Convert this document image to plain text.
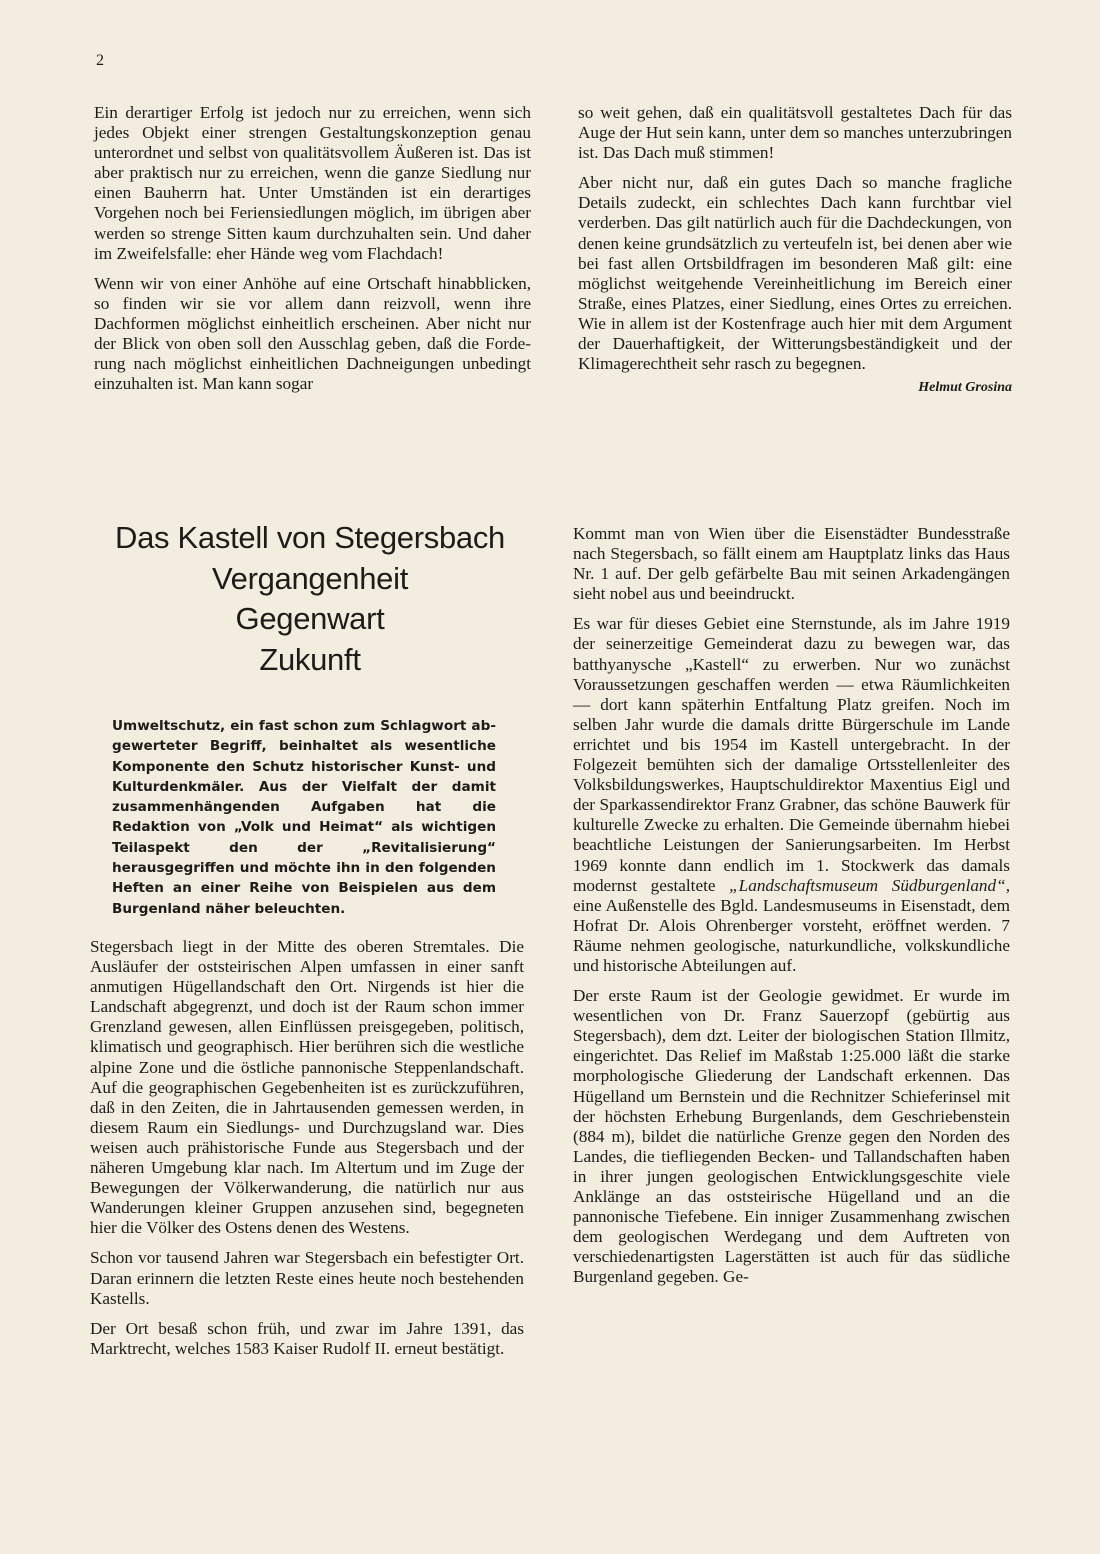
2

Ein derartiger Erfolg ist jedoch nur zu erreichen, wenn sich jedes Objekt einer strengen Gestaltungskonzeption genau unterordnet und selbst von qualitätsvollem Äußeren ist. Das ist aber praktisch nur zu erreichen, wenn die ganze Siedlung nur einen Bauherrn hat. Unter Umständen ist ein derartiges Vorgehen noch bei Feriensiedlungen möglich, im übrigen aber werden so strenge Sitten kaum durchzuhalten sein. Und daher im Zweifelsfalle: eher Hände weg vom Flachdach!

Wenn wir von einer Anhöhe auf eine Ortschaft hinabblicken, so finden wir sie vor allem dann reizvoll, wenn ihre Dachformen möglichst einheitlich erscheinen. Aber nicht nur der Blick von oben soll den Ausschlag geben, daß die Forderung nach möglichst einheitlichen Dachneigungen unbedingt einzuhalten ist. Man kann sogar

so weit gehen, daß ein qualitätsvoll gestaltetes Dach für das Auge der Hut sein kann, unter dem so manches unterzubringen ist. Das Dach muß stimmen!

Aber nicht nur, daß ein gutes Dach so manche fragliche Details zudeckt, ein schlechtes Dach kann furchtbar viel verderben. Das gilt natürlich auch für die Dachdeckungen, von denen keine grundsätzlich zu verteufeln ist, bei denen aber wie bei fast allen Ortsbildfragen im besonderen Maß gilt: eine möglichst weitgehende Vereinheitlichung im Bereich einer Straße, eines Platzes, einer Siedlung, eines Ortes zu erreichen. Wie in allem ist der Kostenfrage auch hier mit dem Argument der Dauerhaftigkeit, der Witterungsbeständigkeit und der Klimagerechtheit sehr rasch zu begegnen.

Helmut Grosina
Das Kastell von Stegersbach
Vergangenheit
Gegenwart
Zukunft
Umweltschutz, ein fast schon zum Schlagwort abgewerteter Begriff, beinhaltet als wesentliche Komponente den Schutz historischer Kunst- und Kulturdenkmäler. Aus der Vielfalt der damit zusammenhängenden Aufgaben hat die Redaktion von „Volk und Heimat“ als wichtigen Teilaspekt den der „Revitalisierung“ herausgegriffen und möchte ihn in den folgenden Heften an einer Reihe von Beispielen aus dem Burgenland näher beleuchten.

Stegersbach liegt in der Mitte des oberen Stremtales. Die Ausläufer der oststeirischen Alpen umfassen in einer sanft anmutigen Hügellandschaft den Ort. Nirgends ist hier die Landschaft abgegrenzt, und doch ist der Raum schon immer Grenzland gewesen, allen Einflüssen preisgegeben, politisch, klimatisch und geographisch. Hier berühren sich die westliche alpine Zone und die östliche pannonische Steppenlandschaft. Auf die geographischen Gegebenheiten ist es zurückzuführen, daß in den Zeiten, die in Jahrtausenden gemessen werden, in diesem Raum ein Siedlungs- und Durchzugsland war. Dies weisen auch prähistorische Funde aus Stegersbach und der näheren Umgebung klar nach. Im Altertum und im Zuge der Bewegungen der Völkerwanderung, die natürlich nur aus Wanderungen kleiner Gruppen anzusehen sind, begegneten hier die Völker des Ostens denen des Westens.

Schon vor tausend Jahren war Stegersbach ein befestigter Ort. Daran erinnern die letzten Reste eines heute noch bestehenden Kastells.

Der Ort besaß schon früh, und zwar im Jahre 1391, das Marktrecht, welches 1583 Kaiser Rudolf II. erneut bestätigt.

Kommt man von Wien über die Eisenstädter Bundesstraße nach Stegersbach, so fällt einem am Hauptplatz links das Haus Nr. 1 auf. Der gelb gefärbelte Bau mit seinen Arkadengängen sieht nobel aus und beeindruckt.

Es war für dieses Gebiet eine Sternstunde, als im Jahre 1919 der seinerzeitige Gemeinderat dazu zu bewegen war, das batthyanysche „Kastell“ zu erwerben. Nur wo zunächst Voraussetzungen geschaffen werden — etwa Räumlichkeiten — dort kann späterhin Entfaltung Platz greifen. Noch im selben Jahr wurde die damals dritte Bürgerschule im Lande errichtet und bis 1954 im Kastell untergebracht. In der Folgezeit bemühten sich der damalige Ortsstellenleiter des Volksbildungswerkes, Hauptschuldirektor Maxentius Eigl und der Sparkassendirektor Franz Grabner, das schöne Bauwerk für kulturelle Zwecke zu erhalten. Die Gemeinde übernahm hiebei beachtliche Leistungen der Sanierungsarbeiten. Im Herbst 1969 konnte dann endlich im 1. Stockwerk das damals modernst gestaltete „Landschaftsmuseum Südburgenland“, eine Außenstelle des Bgld. Landesmuseums in Eisenstadt, dem Hofrat Dr. Alois Ohrenberger vorsteht, eröffnet werden. 7 Räume nehmen geologische, naturkundliche, volkskundliche und historische Abteilungen auf.

Der erste Raum ist der Geologie gewidmet. Er wurde im wesentlichen von Dr. Franz Sauerzopf (gebürtig aus Stegersbach), dem dzt. Leiter der biologischen Station Illmitz, eingerichtet. Das Relief im Maßstab 1:25.000 läßt die starke morphologische Gliederung der Landschaft erkennen. Das Hügelland um Bernstein und die Rechnitzer Schieferinsel mit der höchsten Erhebung Burgenlands, dem Geschriebenstein (884 m), bildet die natürliche Grenze gegen den Norden des Landes, die tiefliegenden Becken- und Tallandschaften haben in ihrer jungen geologischen Entwicklungsgeschite viele Anklänge an das oststeirische Hügelland und an die pannonische Tiefebene. Ein inniger Zusammenhang zwischen dem geologischen Werdegang und dem Auftreten von verschiedenartigsten Lagerstätten ist auch für das südliche Burgenland gegeben. Ge-
